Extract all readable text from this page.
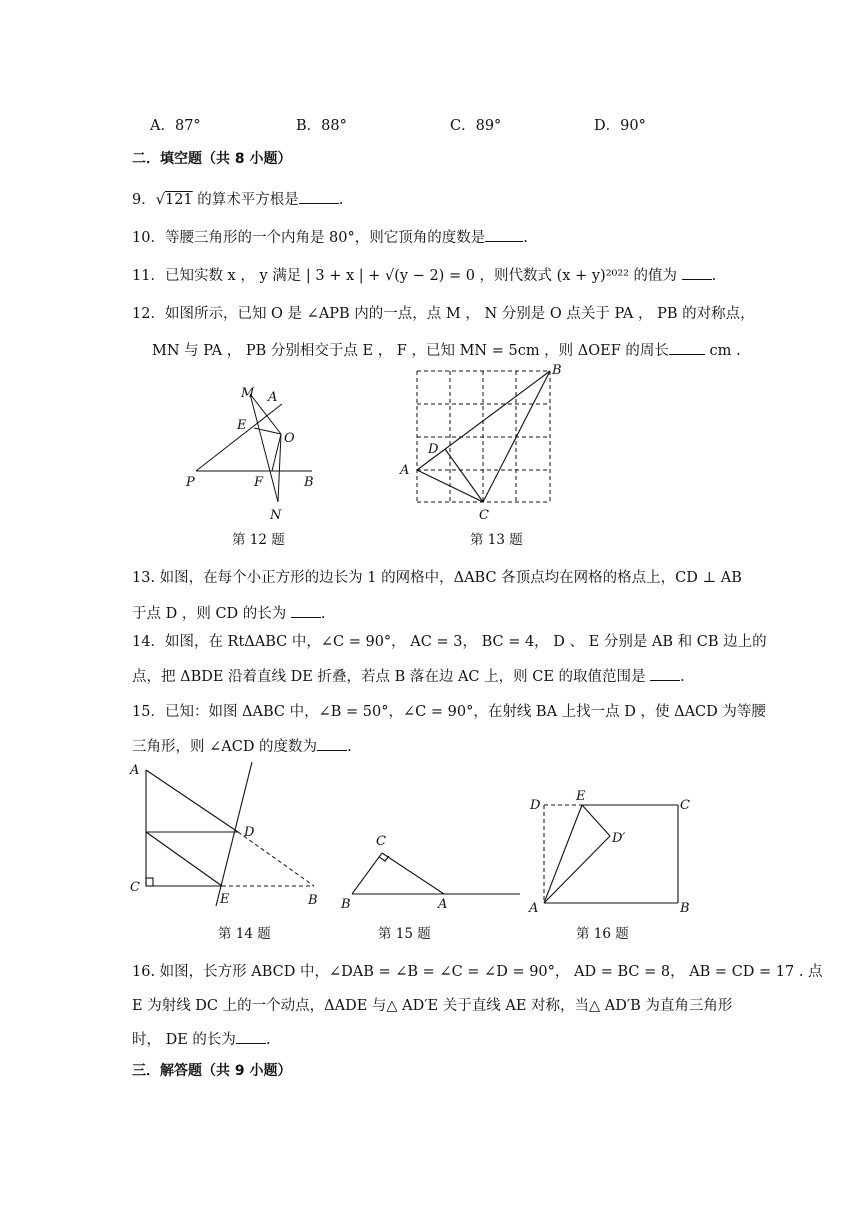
A．87°	B．88°	C．89°	D．90°
二．填空题（共 8 小题）
9．√121 的算术平方根是	.
10．等腰三角形的一个内角是 80°，则它顶角的度数是	.
11．已知实数 x ， y 满足 | 3 + x | + √(y − 2) = 0 ，则代数式 (x + y)²⁰²² 的值为 .
12．如图所示，已知 O 是 ∠APB 内的一点，点 M ， N 分别是 O 点关于 PA ， PB 的对称点，
MN 与 PA ， PB 分别相交于点 E ， F ，已知 MN = 5cm ，则 ΔOEF 的周长 cm .
M A
E
O
P	F	B
N
第 12 题
B
D
A
C
第 13 题
13. 如图，在每个小正方形的边长为 1 的网格中，ΔABC 各顶点均在网格的格点上，CD ⊥ AB
于点 D ，则 CD 的长为 .
14．如图，在 RtΔABC 中，∠C = 90°， AC = 3， BC = 4， D 、 E 分别是 AB 和 CB 边上的
点，把 ΔBDE 沿着直线 DE 折叠，若点 B 落在边 AC 上，则 CE 的取值范围是 .
15．已知：如图 ΔABC 中，∠B = 50°，∠C = 90°，在射线 BA 上找一点 D ，使 ΔACD 为等腰
三角形，则 ∠ACD 的度数为 .
A
D
C
E	B
第 14 题
C
B	A
第 15 题
D
E
C
D′
A	B
第 16 题
16. 如图，长方形 ABCD 中，∠DAB = ∠B = ∠C = ∠D = 90°， AD = BC = 8， AB = CD = 17 . 点
E 为射线 DC 上的一个动点，ΔADE 与△ AD′E 关于直线 AE 对称，当△ AD′B 为直角三角形
时， DE 的长为 .
三．解答题（共 9 小题）
